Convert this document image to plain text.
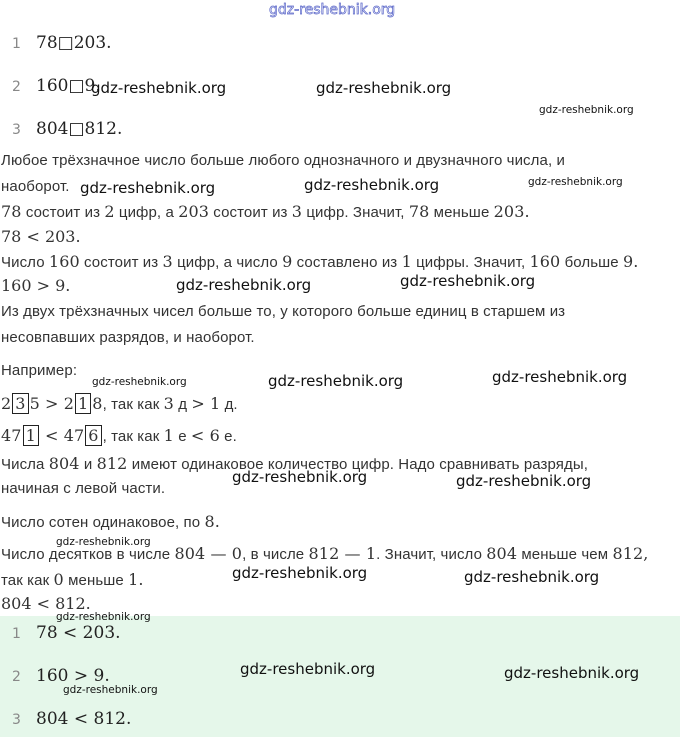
gdz-reshebnik.org
1 78□203.
2 160□9.
3 804□812.
Любое трёхзначное число больше любого однозначного и двузначного числа, и
наоборот.
78 состоит из 2 цифр, а 203 состоит из 3 цифр. Значит, 78 меньше 203.
78 < 203.
Число 160 состоит из 3 цифр, а число 9 составлено из 1 цифры. Значит, 160 больше 9.
160 > 9.
Из двух трёхзначных чисел больше то, у которого больше единиц в старшем из
несовпавших разрядов, и наоборот.
Например:
2 3 5 > 2 1 8, так как 3 д > 1 д.
47 1 < 47 6 , так как 1 е < 6 е.
Числа 804 и 812 имеют одинаковое количество цифр. Надо сравнивать разряды,
начиная с левой части.
Число сотен одинаковое, по 8.
Число десятков в числе 804 — 0, в числе 812 — 1. Значит, число 804 меньше чем 812,
так как 0 меньше 1.
804 < 812.
1 78 < 203.
2 160 > 9.
3 804 < 812.
gdz-reshebnik.org	gdz-reshebnik.org
gdz-reshebnik.org
gdz-reshebnik.org	gdz-reshebnik.org	gdz-reshebnik.org
gdz-reshebnik.org	gdz-reshebnik.org
gdz-reshebnik.org	gdz-reshebnik.org	gdz-reshebnik.org
gdz-reshebnik.org	gdz-reshebnik.org
gdz-reshebnik.org
gdz-reshebnik.org	gdz-reshebnik.org
gdz-reshebnik.org
gdz-reshebnik.org	gdz-reshebnik.org
gdz-reshebnik.org
